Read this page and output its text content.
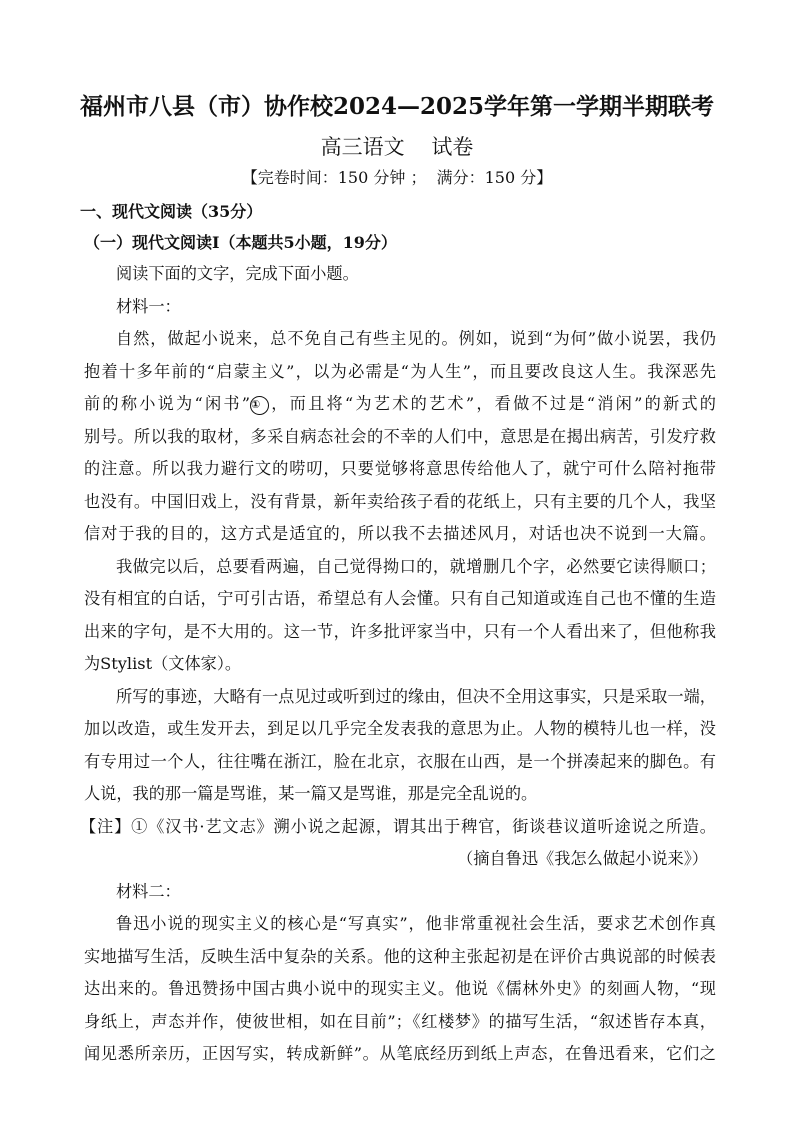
福州市八县（市）协作校2024—2025学年第一学期半期联考
高三语文    试卷
【完卷时间：150 分钟 ；  满分：150 分】
一、现代文阅读（35分）
（一）现代文阅读Ⅰ（本题共5小题，19分）
阅读下面的文字，完成下面小题。
材料一：

自然，做起小说来，总不免自己有些主见的。例如，说到“为何”做小说罢，我仍
抱着十多年前的“启蒙主义”，以为必需是“为人生”，而且要改良这人生。我深恶先
前的称小说为“闲书”① ，而且将“为艺术的艺术”，看做不过是“消闲”的新式的
别号。所以我的取材，多采自病态社会的不幸的人们中，意思是在揭出病苦，引发疗救
的注意。所以我力避行文的唠叨，只要觉够将意思传给他人了，就宁可什么陪衬拖带
也没有。中国旧戏上，没有背景，新年卖给孩子看的花纸上，只有主要的几个人，我坚
信对于我的目的，这方式是适宜的，所以我不去描述风月，对话也决不说到一大篇。

我做完以后，总要看两遍，自己觉得拗口的，就增删几个字，必然要它读得顺口；
没有相宜的白话，宁可引古语，希望总有人会懂。只有自己知道或连自己也不懂的生造
出来的字句，是不大用的。这一节，许多批评家当中，只有一个人看出来了，但他称我
为Stylist（文体家）。

所写的事迹，大略有一点见过或听到过的缘由，但决不全用这事实，只是采取一端，
加以改造，或生发开去，到足以几乎完全发表我的意思为止。人物的模特儿也一样，没
有专用过一个人，往往嘴在浙江，脸在北京，衣服在山西，是一个拼凑起来的脚色。有
人说，我的那一篇是骂谁，某一篇又是骂谁，那是完全乱说的。

【注】①《汉书·艺文志》溯小说之起源，谓其出于稗官，街谈巷议道听途说之所造。
（摘自鲁迅《我怎么做起小说来》）
材料二：

鲁迅小说的现实主义的核心是“写真实”，他非常重视社会生活，要求艺术创作真
实地描写生活，反映生活中复杂的关系。他的这种主张起初是在评价古典说部的时候表
达出来的。鲁迅赞扬中国古典小说中的现实主义。他说《儒林外史》的刻画人物，“现
身纸上，声态并作，使彼世相，如在目前”；《红楼梦》的描写生活，“叙述皆存本真，
闻见悉所亲历，正因写实，转成新鲜”。从笔底经历到纸上声态，在鲁迅看来，它们之
